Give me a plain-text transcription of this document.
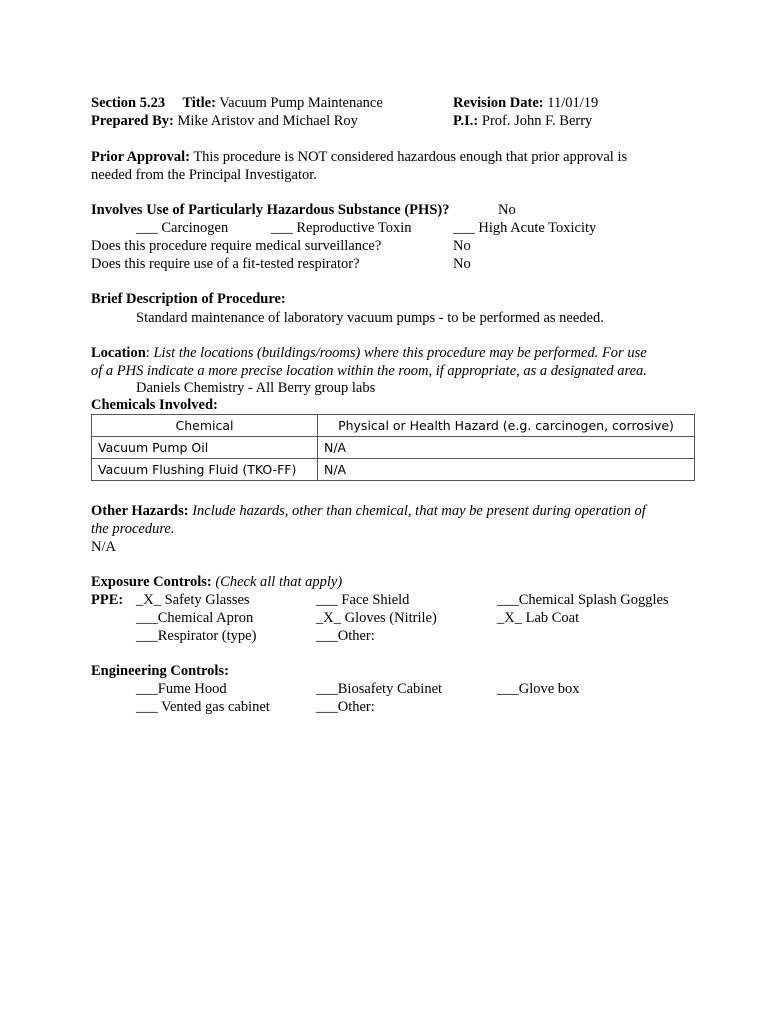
Section 5.23 Title: Vacuum Pump Maintenance	Revision Date: 11/01/19
Prepared By: Mike Aristov and Michael Roy	P.I.: Prof. John F. Berry
Prior Approval: This procedure is NOT considered hazardous enough that prior approval is
needed from the Principal Investigator.
Involves Use of Particularly Hazardous Substance (PHS)?	No
___ Carcinogen	___ Reproductive Toxin	___ High Acute Toxicity
Does this procedure require medical surveillance?	No
Does this require use of a fit-tested respirator?	No
Brief Description of Procedure:
Standard maintenance of laboratory vacuum pumps - to be performed as needed.
Location: List the locations (buildings/rooms) where this procedure may be performed. For use
of a PHS indicate a more precise location within the room, if appropriate, as a designated area.
Daniels Chemistry - All Berry group labs
Chemicals Involved:
Chemical	Physical or Health Hazard (e.g. carcinogen, corrosive)
Vacuum Pump Oil	N/A
Vacuum Flushing Fluid (TKO-FF)	N/A
Other Hazards: Include hazards, other than chemical, that may be present during operation of
the procedure.
N/A
Exposure Controls: (Check all that apply)
PPE: _X_ Safety Glasses	___ Face Shield	___Chemical Splash Goggles
___Chemical Apron	_X_ Gloves (Nitrile)	_X_ Lab Coat
___Respirator (type)	___Other:
Engineering Controls:
___Fume Hood	___Biosafety Cabinet	___Glove box
___ Vented gas cabinet	___Other:
